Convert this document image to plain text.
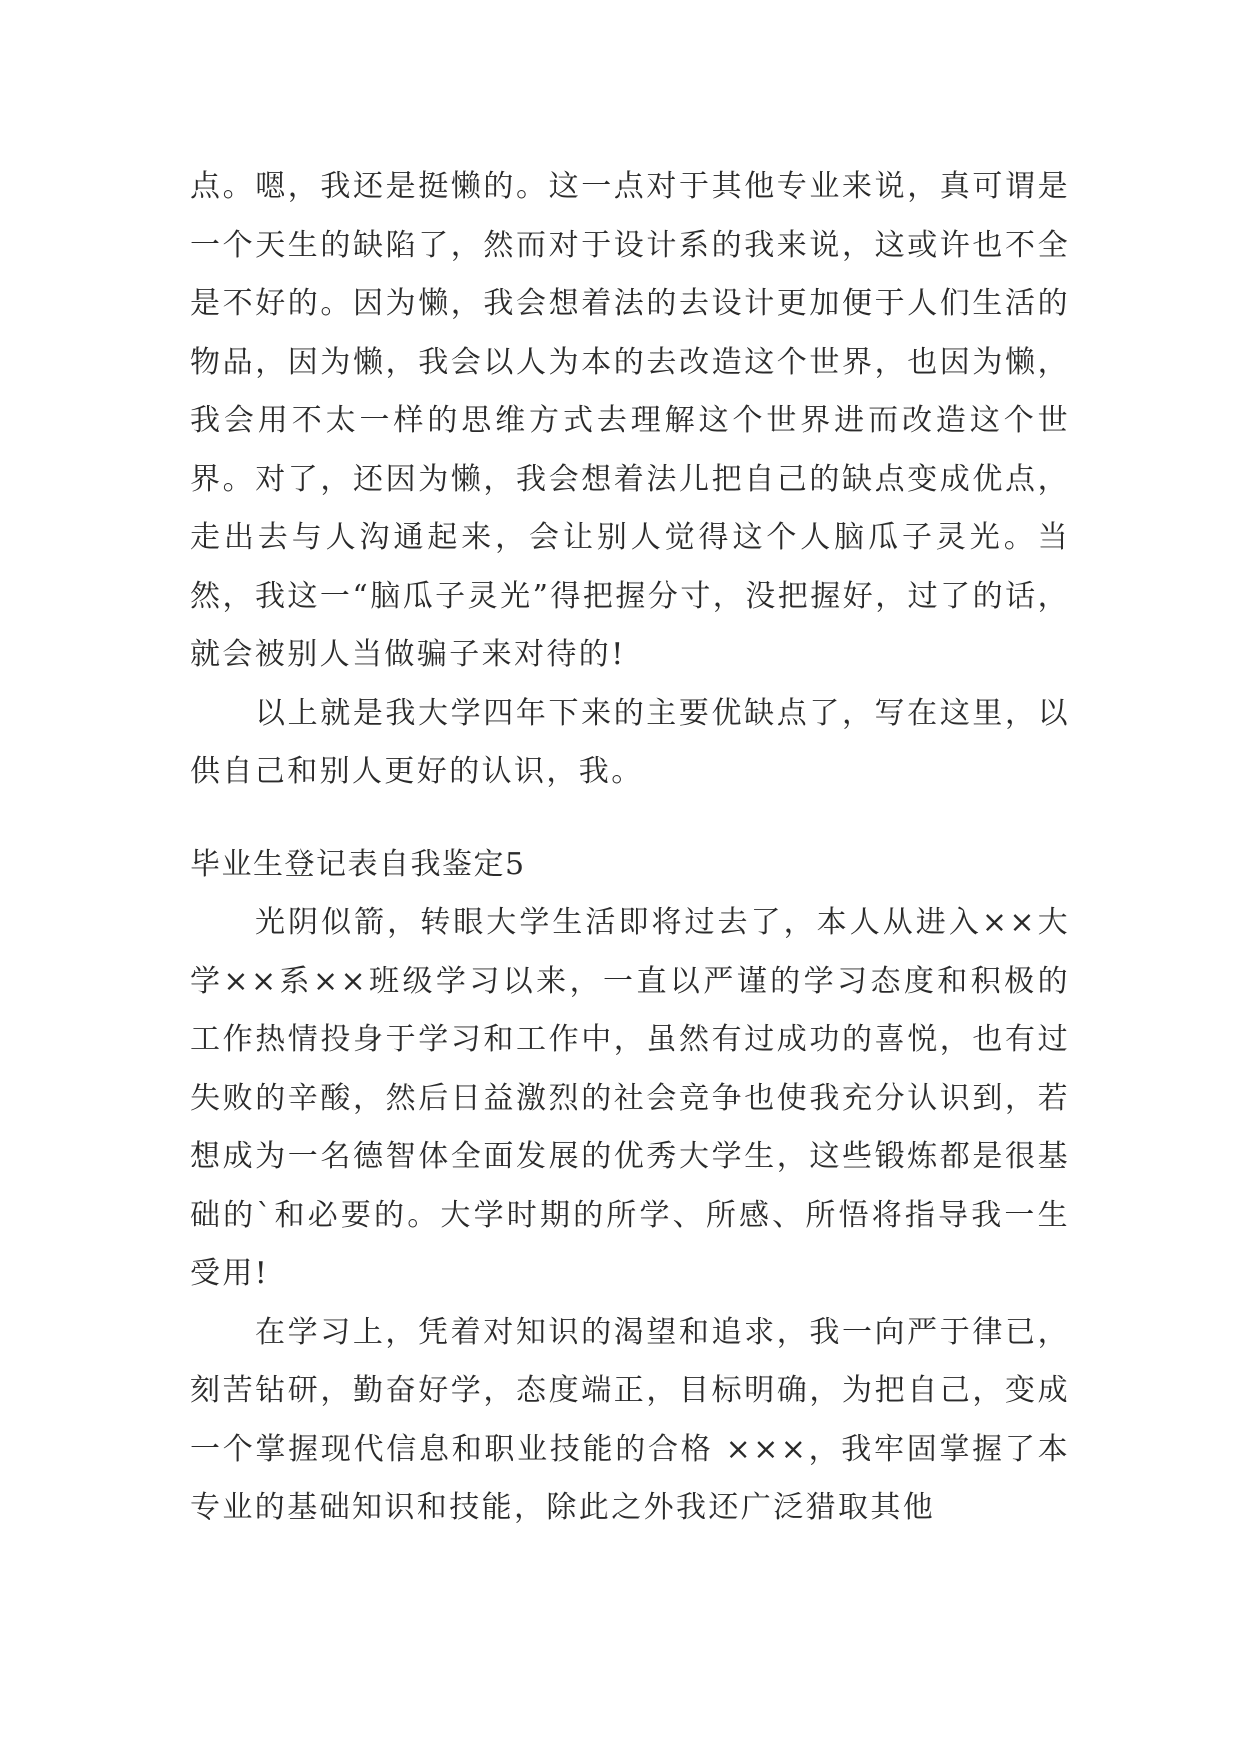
点。嗯，我还是挺懒的。这一点对于其他专业来说，真可谓是一个天生的缺陷了，然而对于设计系的我来说，这或许也不全是不好的。因为懒，我会想着法的去设计更加便于人们生活的物品，因为懒，我会以人为本的去改造这个世界，也因为懒，我会用不太一样的思维方式去理解这个世界进而改造这个世界。对了，还因为懒，我会想着法儿把自己的缺点变成优点，走出去与人沟通起来，会让别人觉得这个人脑瓜子灵光。当然，我这一“脑瓜子灵光”得把握分寸，没把握好，过了的话，就会被别人当做骗子来对待的!

以上就是我大学四年下来的主要优缺点了，写在这里，以供自己和别人更好的认识，我。

毕业生登记表自我鉴定5

光阴似箭，转眼大学生活即将过去了，本人从进入××大学××系××班级学习以来，一直以严谨的学习态度和积极的工作热情投身于学习和工作中，虽然有过成功的喜悦，也有过失败的辛酸，然后日益激烈的社会竞争也使我充分认识到，若想成为一名德智体全面发展的优秀大学生，这些锻炼都是很基础的`和必要的。大学时期的所学、所感、所悟将指导我一生受用!

在学习上，凭着对知识的渴望和追求，我一向严于律已，刻苦钻研，勤奋好学，态度端正，目标明确，为把自己，变成一个掌握现代信息和职业技能的合格 ×××，我牢固掌握了本专业的基础知识和技能，除此之外我还广泛猎取其他
